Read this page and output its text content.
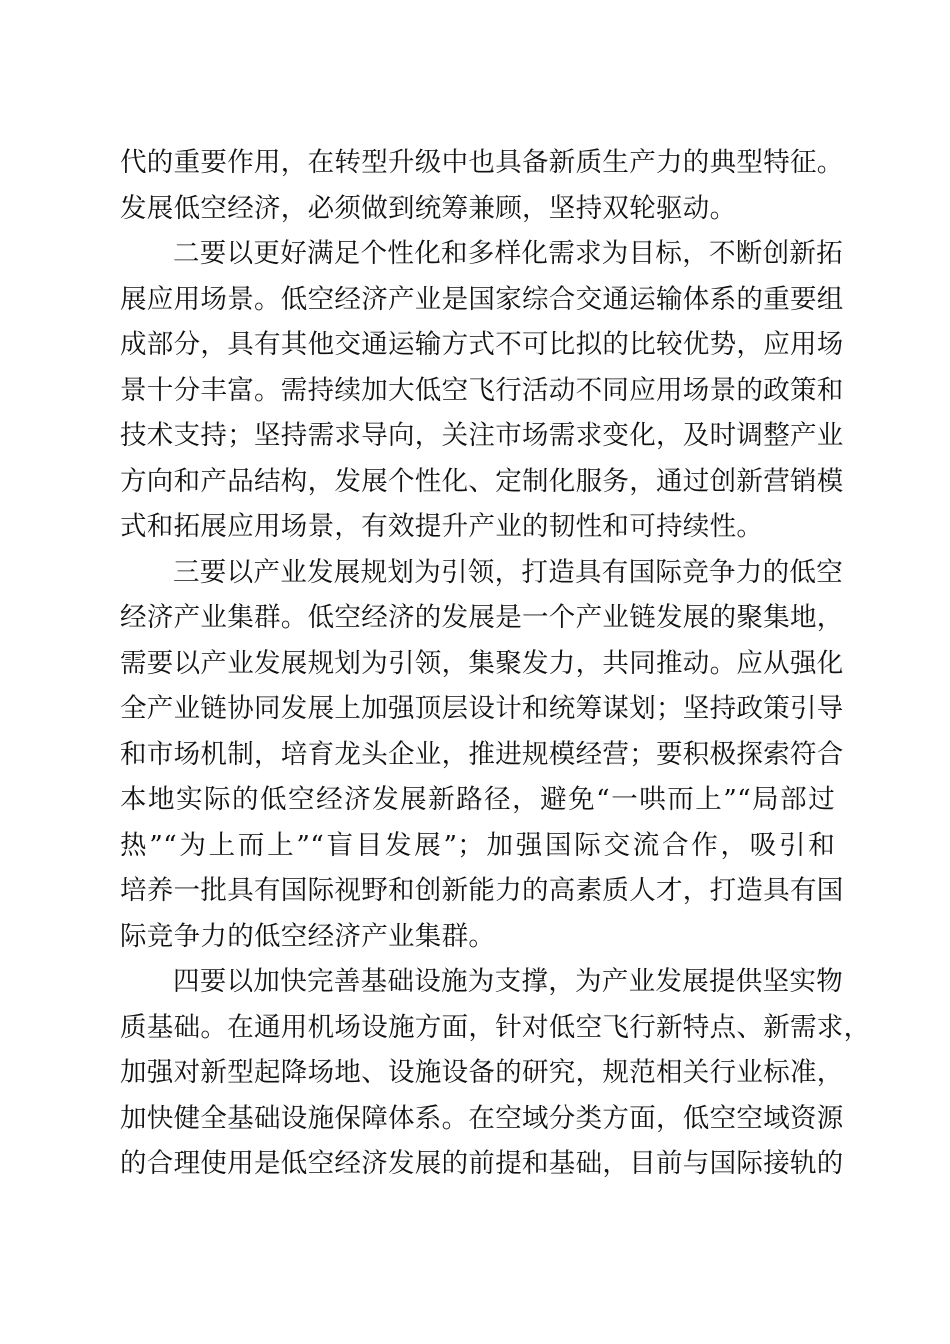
代的重要作用，在转型升级中也具备新质生产力的典型特征。
发展低空经济，必须做到统筹兼顾，坚持双轮驱动。
二要以更好满足个性化和多样化需求为目标，不断创新拓
展应用场景。低空经济产业是国家综合交通运输体系的重要组
成部分，具有其他交通运输方式不可比拟的比较优势，应用场
景十分丰富。需持续加大低空飞行活动不同应用场景的政策和
技术支持；坚持需求导向，关注市场需求变化，及时调整产业
方向和产品结构，发展个性化、定制化服务，通过创新营销模
式和拓展应用场景，有效提升产业的韧性和可持续性。
三要以产业发展规划为引领，打造具有国际竞争力的低空
经济产业集群。低空经济的发展是一个产业链发展的聚集地，
需要以产业发展规划为引领，集聚发力，共同推动。应从强化
全产业链协同发展上加强顶层设计和统筹谋划；坚持政策引导
和市场机制，培育龙头企业，推进规模经营；要积极探索符合
本地实际的低空经济发展新路径，避免“一哄而上”“局部过
热”“为上而上”“盲目发展”；加强国际交流合作，吸引和
培养一批具有国际视野和创新能力的高素质人才，打造具有国
际竞争力的低空经济产业集群。
四要以加快完善基础设施为支撑，为产业发展提供坚实物
质基础。在通用机场设施方面，针对低空飞行新特点、新需求，
加强对新型起降场地、设施设备的研究，规范相关行业标准，
加快健全基础设施保障体系。在空域分类方面，低空空域资源
的合理使用是低空经济发展的前提和基础，目前与国际接轨的
